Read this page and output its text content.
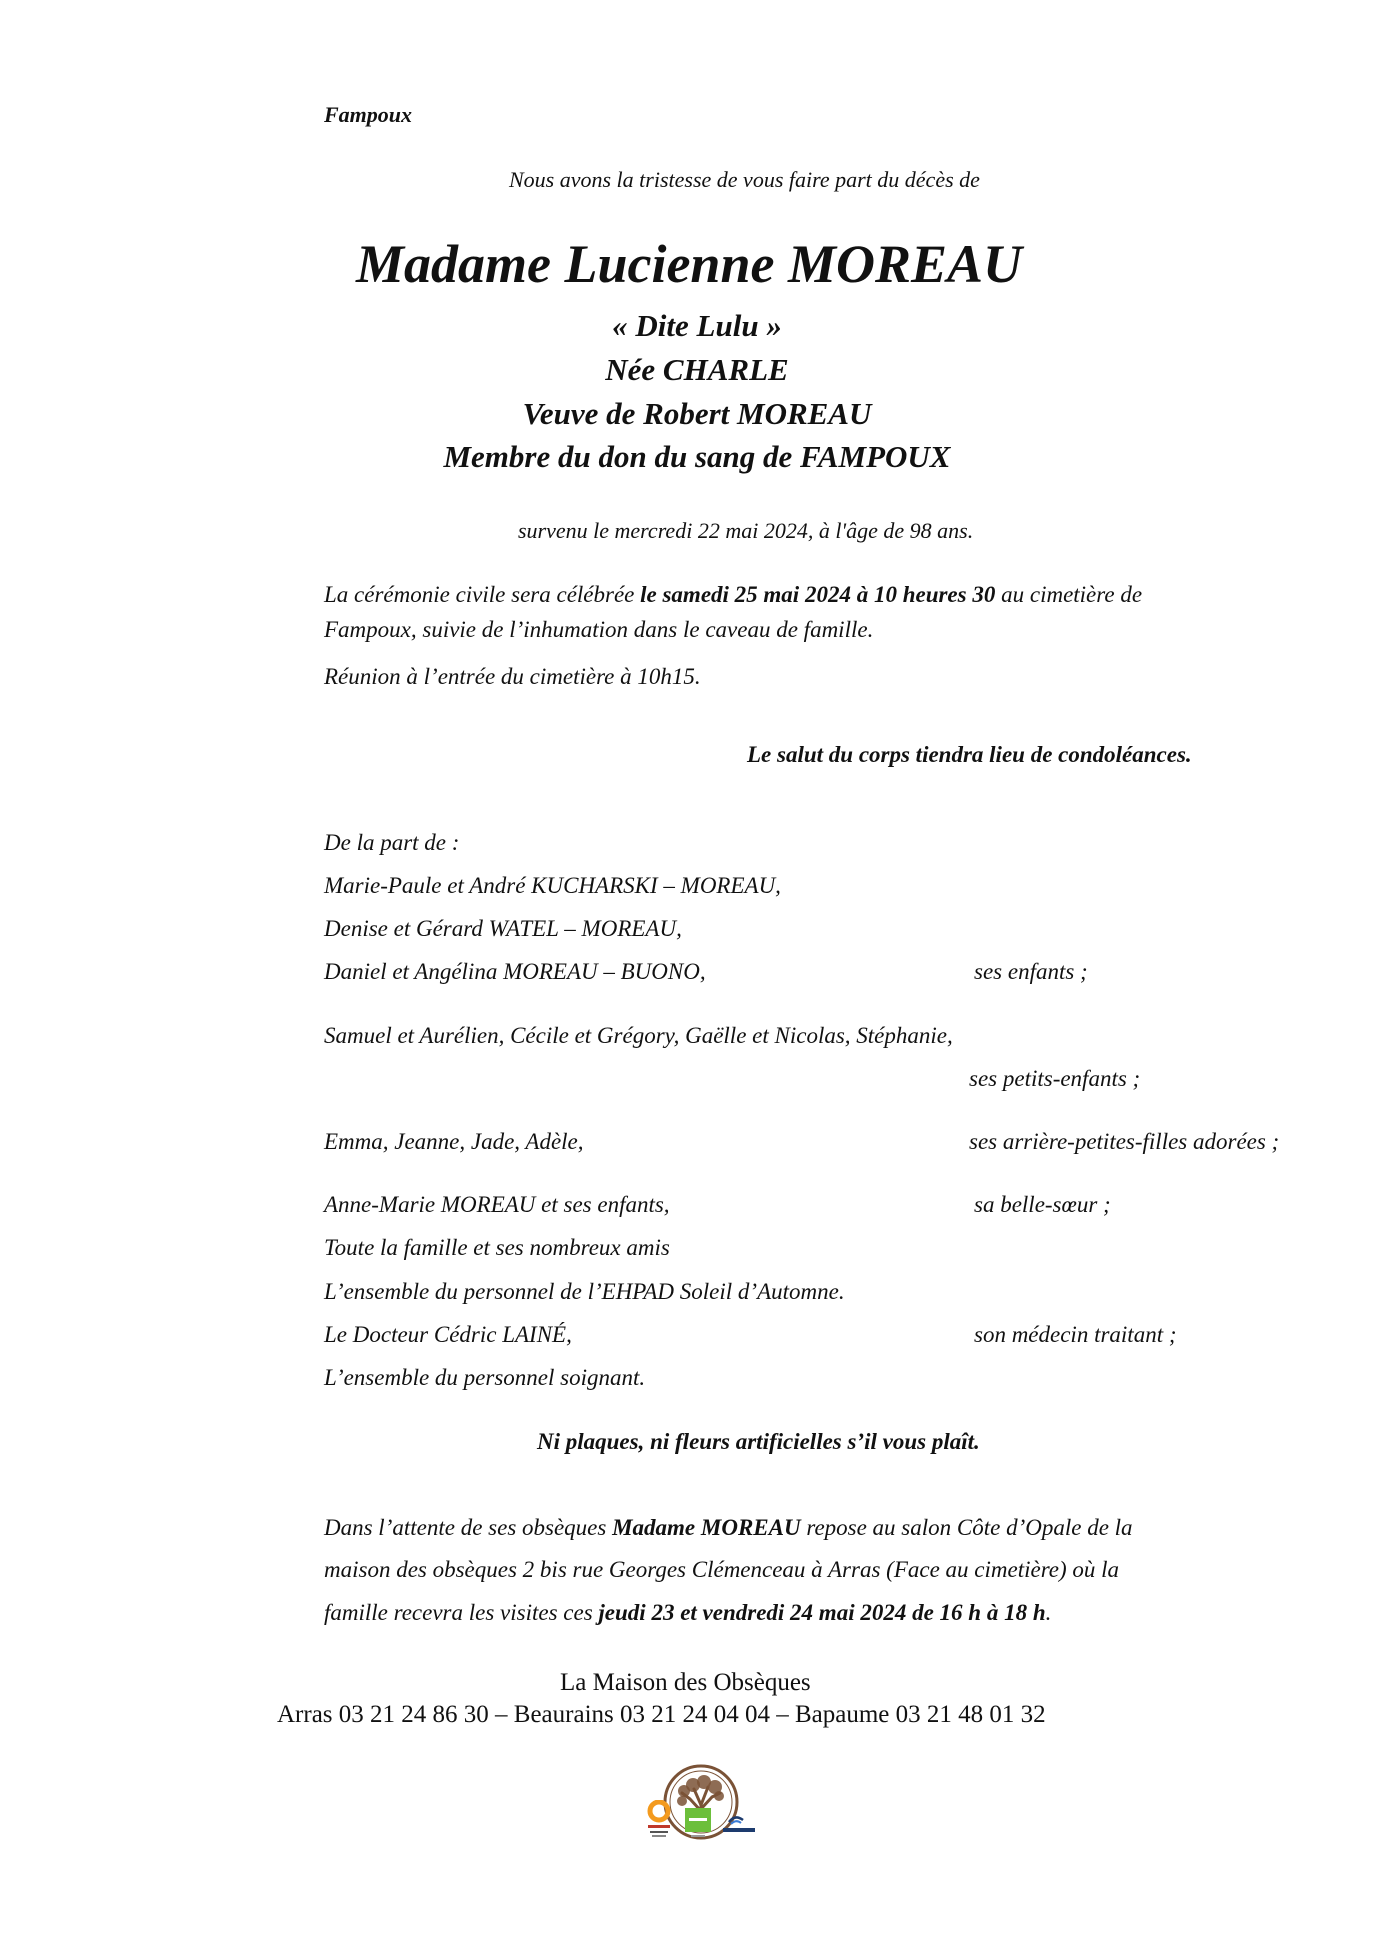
Fampoux
Nous avons la tristesse de vous faire part du décès de
Madame Lucienne MOREAU
« Dite Lulu »
Née CHARLE
Veuve de Robert MOREAU
Membre du don du sang de FAMPOUX
survenu le mercredi 22 mai 2024, à l'âge de 98 ans.
La cérémonie civile sera célébrée le samedi 25 mai 2024 à 10 heures 30 au cimetière de
Fampoux, suivie de l’inhumation dans le caveau de famille.
Réunion à l’entrée du cimetière à 10h15.
Le salut du corps tiendra lieu de condoléances.
De la part de :
Marie-Paule et André KUCHARSKI – MOREAU,
Denise et Gérard WATEL – MOREAU,
Daniel et Angélina MOREAU – BUONO,	ses enfants ;
Samuel et Aurélien, Cécile et Grégory, Gaëlle et Nicolas, Stéphanie,
ses petits-enfants ;
Emma, Jeanne, Jade, Adèle,	ses arrière-petites-filles adorées ;
Anne-Marie MOREAU et ses enfants,	sa belle-sœur ;
Toute la famille et ses nombreux amis
L’ensemble du personnel de l’EHPAD Soleil d’Automne.
Le Docteur Cédric LAINÉ,	son médecin traitant ;
L’ensemble du personnel soignant.
Ni plaques, ni fleurs artificielles s’il vous plaît.
Dans l’attente de ses obsèques Madame MOREAU repose au salon Côte d’Opale de la
maison des obsèques 2 bis rue Georges Clémenceau à Arras (Face au cimetière) où la
famille recevra les visites ces jeudi 23 et vendredi 24 mai 2024 de 16 h à 18 h.
La Maison des Obsèques
Arras 03 21 24 86 30 – Beaurains 03 21 24 04 04 – Bapaume 03 21 48 01 32
